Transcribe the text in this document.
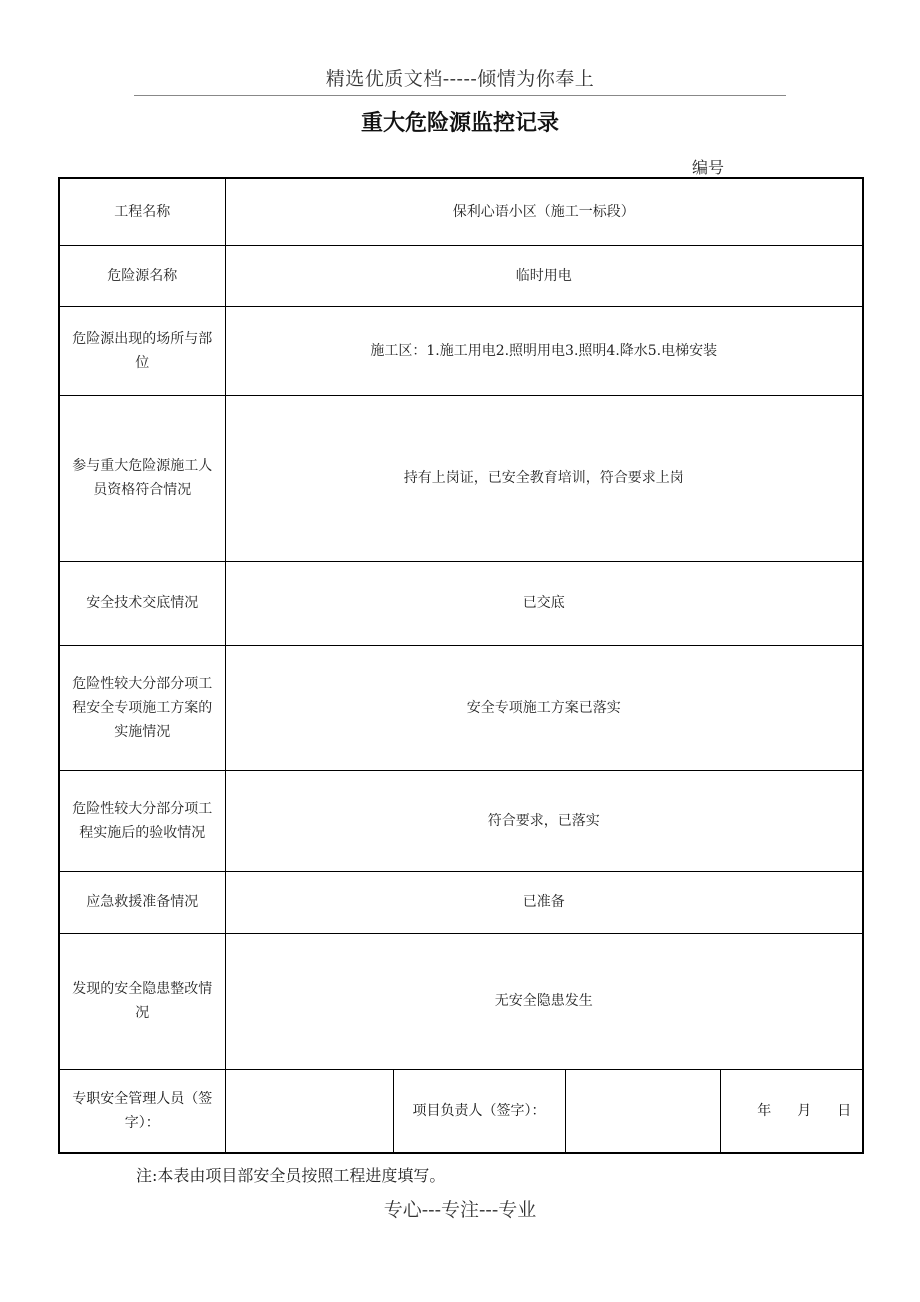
精选优质文档-----倾情为你奉上
重大危险源监控记录
编号
工程名称	保利心语小区（施工一标段）			
危险源名称	临时用电			
危险源出现的场所与部位	施工区：1.施工用电2.照明用电3.照明4.降水5.电梯安装			
参与重大危险源施工人员资格符合情况	持有上岗证，已安全教育培训，符合要求上岗			
安全技术交底情况	已交底			
危险性较大分部分项工程安全专项施工方案的实施情况	安全专项施工方案已落实			
危险性较大分部分项工程实施后的验收情况	符合要求，已落实			
应急救援准备情况	已准备			
发现的安全隐患整改情况	无安全隐患发生			
专职安全管理人员（签字）：		项目负责人（签字）：		年 月 日
注:本表由项目部安全员按照工程进度填写。
专心---专注---专业
